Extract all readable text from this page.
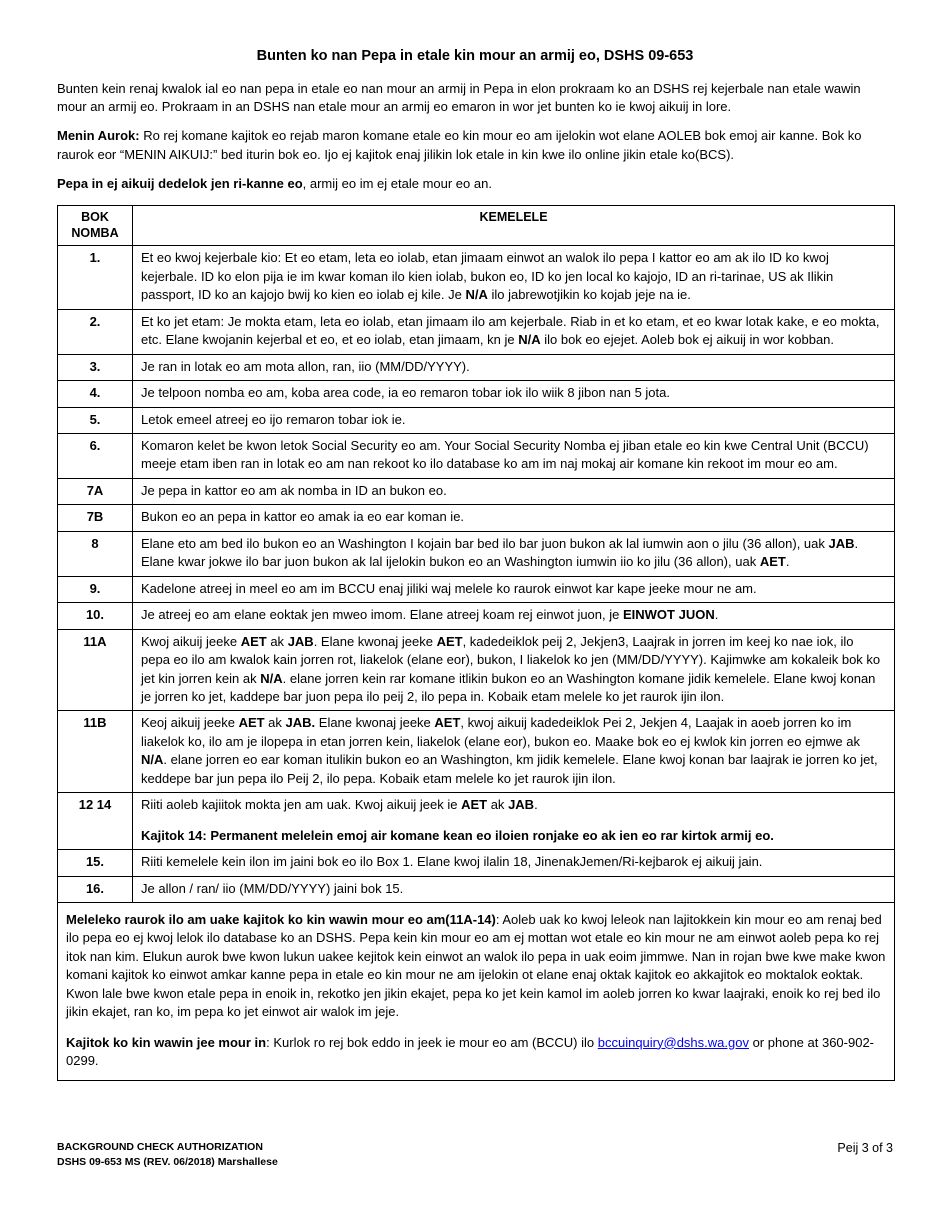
Bunten ko nan Pepa in etale kin mour an armij eo, DSHS 09-653

Bunten kein renaj kwalok ial eo nan pepa in etale eo nan mour an armij in Pepa in elon prokraam ko an DSHS rej kejerbale nan etale wawin mour an armij eo. Prokraam in an DSHS nan etale mour an armij eo emaron in wor jet bunten ko ie kwoj aikuij in lore.

Menin Aurok: Ro rej komane kajitok eo rejab maron komane etale eo kin mour eo am ijelokin wot elane AOLEB bok emoj air kanne. Bok ko raurok eor “MENIN AIKUIJ:” bed iturin bok eo. Ijo ej kajitok enaj jilikin lok etale in kin kwe ilo online jikin etale ko(BCS).

Pepa in ej aikuij dedelok jen ri-kanne eo, armij eo im ej etale mour eo an.

BOK NOMBA	KEMELELE
1.	Et eo kwoj kejerbale kio: Et eo etam, leta eo iolab, etan jimaam einwot an walok ilo pepa I kattor eo am ak ilo ID ko kwoj kejerbale. ID ko elon pija ie im kwar koman ilo kien iolab, bukon eo, ID ko jen local ko kajojo, ID an ri-tarinae, US ak Ilikin passport, ID ko an kajojo bwij ko kien eo iolab ej kile. Je N/A ilo jabrewotjikin ko kojab jeje na ie.

2.	Et ko jet etam: Je mokta etam, leta eo iolab, etan jimaam ilo am kejerbale. Riab in et ko etam, et eo kwar lotak kake, e eo mokta, etc. Elane kwojanin kejerbal et eo, et eo iolab, etan jimaam, kn je N/A ilo bok eo ejejet. Aoleb bok ej aikuij in wor kobban.

3.	Je ran in lotak eo am mota allon, ran, iio (MM/DD/YYYY).

4.	Je telpoon nomba eo am, koba area code, ia eo remaron tobar iok ilo wiik 8 jibon nan 5 jota.

5.	Letok emeel atreej eo ijo remaron tobar iok ie.

6.	Komaron kelet be kwon letok Social Security eo am. Your Social Security Nomba ej jiban etale eo kin kwe Central Unit (BCCU) meeje etam iben ran in lotak eo am nan rekoot ko ilo database ko am im naj mokaj air komane kin rekoot im mour eo am.

7A	Je pepa in kattor eo am ak nomba in ID an bukon eo.

7B	Bukon eo an pepa in kattor eo amak ia eo ear koman ie.

8	Elane eto am bed ilo bukon eo an Washington I kojain bar bed ilo bar juon bukon ak lal iumwin aon o jilu (36 allon), uak JAB. Elane kwar jokwe ilo bar juon bukon ak lal ijelokin bukon eo an Washington iumwin iio ko jilu (36 allon), uak AET.

9.	Kadelone atreej in meel eo am im BCCU enaj jiliki waj melele ko raurok einwot kar kape jeeke mour ne am.

10.	Je atreej eo am elane eoktak jen mweo imom. Elane atreej koam rej einwot juon, je EINWOT JUON.

11A	Kwoj aikuij jeeke AET ak JAB. Elane kwonaj jeeke AET, kadedeiklok peij 2, Jekjen3, Laajrak in jorren im keej ko nae iok, ilo pepa eo ilo am kwalok kain jorren rot, liakelok (elane eor), bukon, I liakelok ko jen (MM/DD/YYYY). Kajimwke am kokaleik bok ko jet kin jorren kein ak N/A. elane jorren kein rar komane itlikin bukon eo an Washington komane jidik kemelele. Elane kwoj konan je jorren ko jet, kaddepe bar juon pepa ilo peij 2, ilo pepa in. Kobaik etam melele ko jet raurok ijin ilon.

11B	Keoj aikuij jeeke AET ak JAB. Elane kwonaj jeeke AET, kwoj aikuij kadedeiklok Pei 2, Jekjen 4, Laajak in aoeb jorren ko im liakelok ko, ilo am je ilopepa in etan jorren kein, liakelok (elane eor), bukon eo. Maake bok eo ej kwlok kin jorren eo ejmwe ak N/A. elane jorren eo ear koman itulikin bukon eo an Washington, km jidik kemelele. Elane kwoj konan bar laajrak ie jorren ko jet, keddepe bar jun pepa ilo Peij 2, ilo pepa. Kobaik etam melele ko jet raurok ijin ilon.

12 14	Riiti aoleb kajiitok mokta jen am uak. Kwoj aikuij jeek ie AET ak JAB.
Kajitok 14: Permanent melelein emoj air komane kean eo iloien ronjake eo ak ien eo rar kirtok armij eo.

15.	Riiti kemelele kein ilon im jaini bok eo ilo Box 1. Elane kwoj ilalin 18, JinenakJemen/Ri-kejbarok ej aikuij jain.

16.	Je allon / ran/ iio (MM/DD/YYYY) jaini bok 15.

Meleleko raurok ilo am uake kajitok ko kin wawin mour eo am(11A-14): Aoleb uak ko kwoj leleok nan lajitokkein kin mour eo am renaj bed ilo pepa eo ej kwoj lelok ilo database ko an DSHS. Pepa kein kin mour eo am ej mottan wot etale eo kin mour ne am einwot aoleb pepa ko rej itok nan kim. Elukun aurok bwe kwon lukun uakee kejitok kein einwot an walok ilo pepa in uak eoim jimmwe. Nan in rojan bwe kwe make kwon komani kajitok ko einwot amkar kanne pepa in etale eo kin mour ne am ijelokin ot elane enaj oktak kajitok eo akkajitok eo moktalok eoktak. Kwon lale bwe kwon etale pepa in enoik in, rekotko jen jikin ekajet, pepa ko jet kein kamol im aoleb jorren ko kwar laajraki, enoik ko rej bed ilo jikin ekajet, ran ko, im pepa ko jet einwot air walok im jeje.
Kajitok ko kin wawin jee mour in: Kurlok ro rej bok eddo in jeek ie mour eo am (BCCU) ilo bccuinquiry@dshs.wa.gov or phone at 360-902-0299.	
BACKGROUND CHECK AUTHORIZATION
DSHS 09-653 MS (REV. 06/2018) Marshallese
Peij 3 of 3
